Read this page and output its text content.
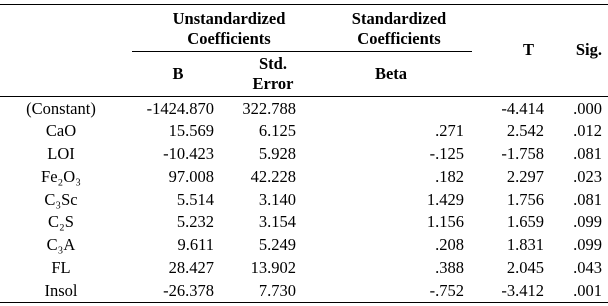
	Unstandardized Coefficients		Standardized Coefficients	T	Sig.
	B	Std. Error	Beta		
(Constant)	-1424.870	322.788		-4.414	.000
CaO	15.569	6.125	.271	2.542	.012
LOI	-10.423	5.928	-.125	-1.758	.081
Fe₂O₃	97.008	42.228	.182	2.297	.023
C₃Sc	5.514	3.140	1.429	1.756	.081
C₂S	5.232	3.154	1.156	1.659	.099
C₃A	9.611	5.249	.208	1.831	.099
FL	28.427	13.902	.388	2.045	.043
Insol	-26.378	7.730	-.752	-3.412	.001
